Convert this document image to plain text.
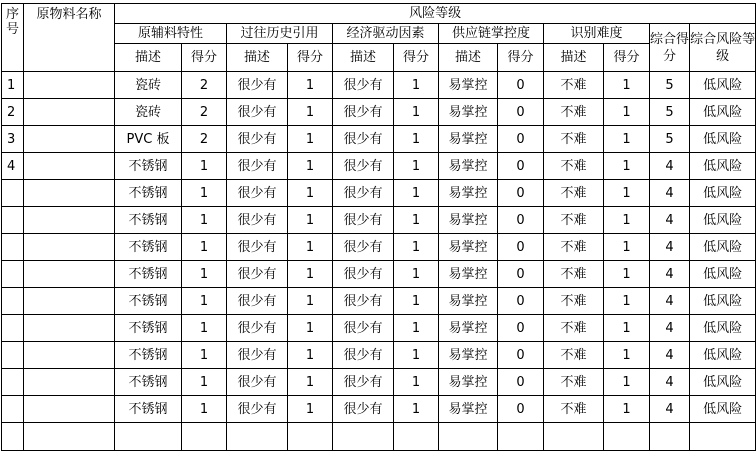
序号	原物料名称	风险等级											
		原辅料特性		过往历史引用		经济驱动因素		供应链掌控度		识别难度		综合得分	综合风险等级
		描述	得分	描述	得分	描述	得分	描述	得分	描述	得分		
1		瓷砖	2	很少有	1	很少有	1	易掌控	0	不难	1	5	低风险
2		瓷砖	2	很少有	1	很少有	1	易掌控	0	不难	1	5	低风险
3		PVC 板	2	很少有	1	很少有	1	易掌控	0	不难	1	5	低风险
4		不锈钢	1	很少有	1	很少有	1	易掌控	0	不难	1	4	低风险
		不锈钢	1	很少有	1	很少有	1	易掌控	0	不难	1	4	低风险
		不锈钢	1	很少有	1	很少有	1	易掌控	0	不难	1	4	低风险
		不锈钢	1	很少有	1	很少有	1	易掌控	0	不难	1	4	低风险
		不锈钢	1	很少有	1	很少有	1	易掌控	0	不难	1	4	低风险
		不锈钢	1	很少有	1	很少有	1	易掌控	0	不难	1	4	低风险
		不锈钢	1	很少有	1	很少有	1	易掌控	0	不难	1	4	低风险
		不锈钢	1	很少有	1	很少有	1	易掌控	0	不难	1	4	低风险
		不锈钢	1	很少有	1	很少有	1	易掌控	0	不难	1	4	低风险
		不锈钢	1	很少有	1	很少有	1	易掌控	0	不难	1	4	低风险
